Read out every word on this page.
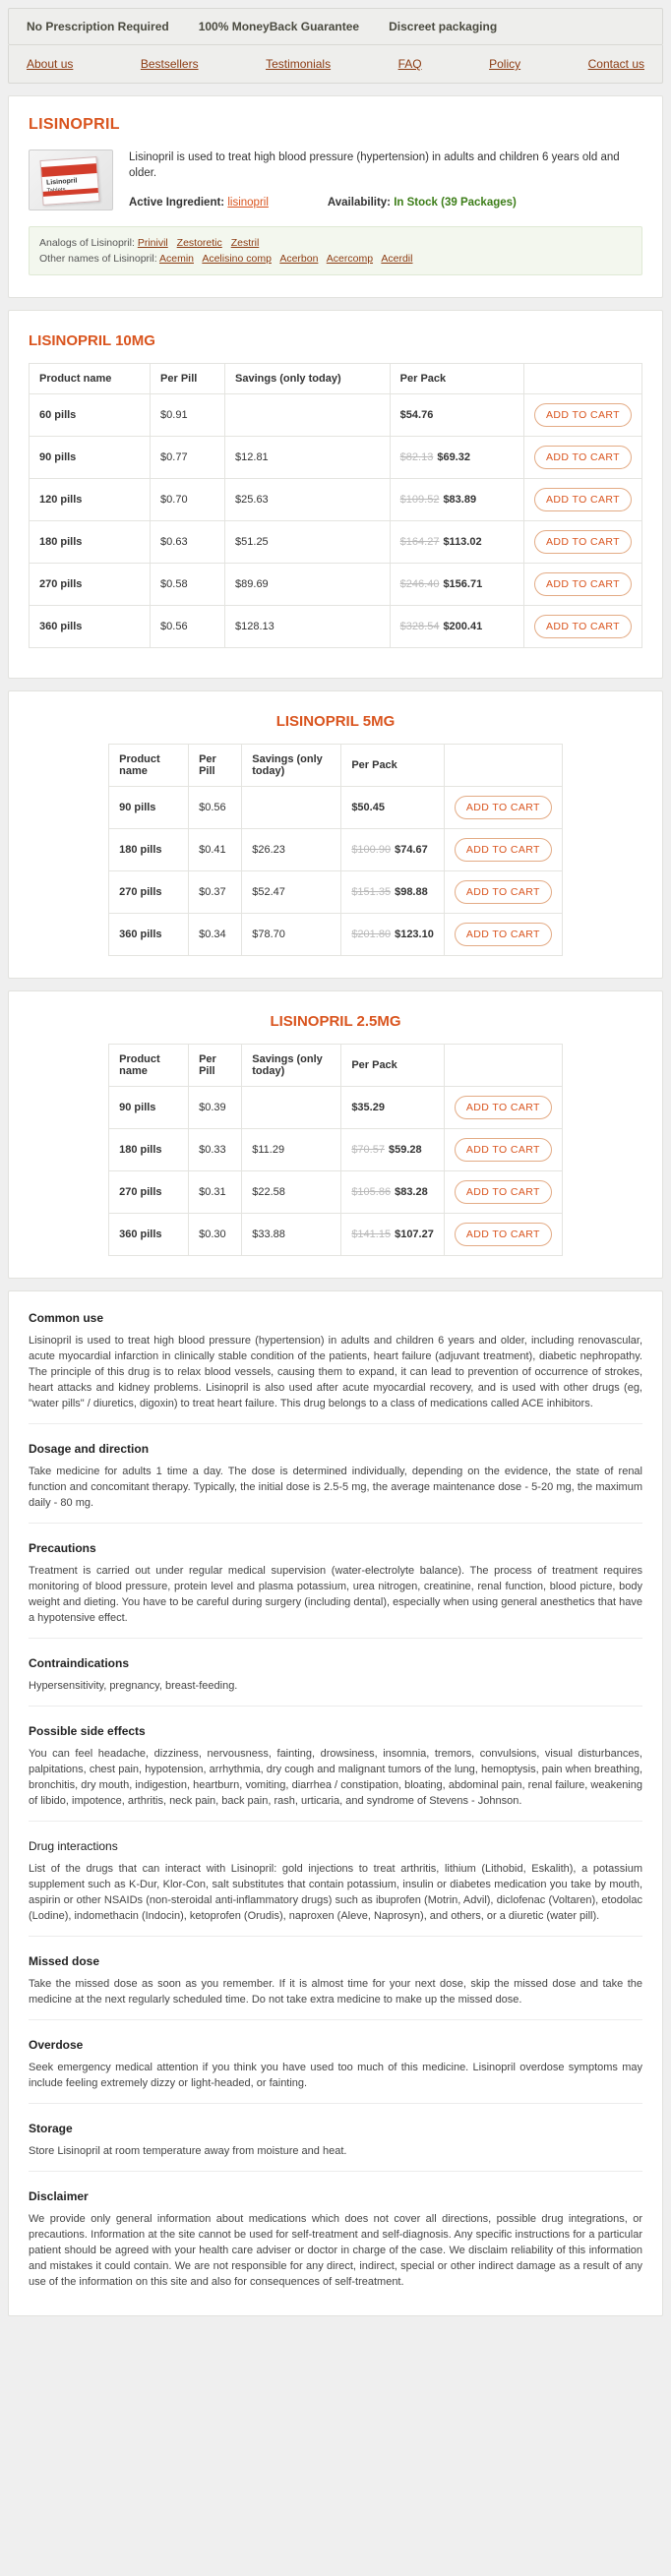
No Prescription Required	100% MoneyBack Guarantee	Discreet packaging
About us	Bestsellers	Testimonials	FAQ	Policy	Contact us
LISINOPRIL
Lisinopril

Lisinopril is used to treat high blood pressure (hypertension) in adults and children 6 years old and older.
Active Ingredient: lisinopril	Availability: In Stock (39 Packages)
Analogs of Lisinopril: Prinivil Zestoretic Zestril
Other names of Lisinopril: Acemin Acelisino comp Acerbon Acercomp Acerdil
LISINOPRIL 10MG
Product name	Per Pill	Savings (only today)	Per Pack	
60 pills	$0.91		$54.76	ADD TO CART

90 pills	$0.77	$12.81	$82.13 $69.32	ADD TO CART

120 pills	$0.70	$25.63	$109.52 $83.89	ADD TO CART

180 pills	$0.63	$51.25	$164.27 $113.02	ADD TO CART

270 pills	$0.58	$89.69	$246.40 $156.71	ADD TO CART

360 pills	$0.56	$128.13	$328.54 $200.41	ADD TO CART
LISINOPRIL 5MG
Product name	Per Pill	Savings (only today)	Per Pack	
90 pills	$0.56		$50.45	ADD TO CART

180 pills	$0.41	$26.23	$100.90 $74.67	ADD TO CART

270 pills	$0.37	$52.47	$151.35 $98.88	ADD TO CART

360 pills	$0.34	$78.70	$201.80 $123.10	ADD TO CART
LISINOPRIL 2.5MG
Product name	Per Pill	Savings (only today)	Per Pack	
90 pills	$0.39		$35.29	ADD TO CART

180 pills	$0.33	$11.29	$70.57 $59.28	ADD TO CART

270 pills	$0.31	$22.58	$105.86 $83.28	ADD TO CART

360 pills	$0.30	$33.88	$141.15 $107.27	ADD TO CART
Common use

Lisinopril is used to treat high blood pressure (hypertension) in adults and children 6 years and older, including renovascular, acute myocardial infarction in clinically stable condition of the patients, heart failure (adjuvant treatment), diabetic nephropathy. The principle of this drug is to relax blood vessels, causing them to expand, it can lead to prevention of occurrence of strokes, heart attacks and kidney problems. Lisinopril is also used after acute myocardial recovery, and is used with other drugs (eg, "water pills" / diuretics, digoxin) to treat heart failure. This drug belongs to a class of medications called ACE inhibitors.

Dosage and direction

Take medicine for adults 1 time a day. The dose is determined individually, depending on the evidence, the state of renal function and concomitant therapy. Typically, the initial dose is 2.5-5 mg, the average maintenance dose - 5-20 mg, the maximum daily - 80 mg.

Precautions

Treatment is carried out under regular medical supervision (water-electrolyte balance). The process of treatment requires monitoring of blood pressure, protein level and plasma potassium, urea nitrogen, creatinine, renal function, blood picture, body weight and dieting. You have to be careful during surgery (including dental), especially when using general anesthetics that have a hypotensive effect.

Contraindications

Hypersensitivity, pregnancy, breast-feeding.

Possible side effects

You can feel headache, dizziness, nervousness, fainting, drowsiness, insomnia, tremors, convulsions, visual disturbances, palpitations, chest pain, hypotension, arrhythmia, dry cough and malignant tumors of the lung, hemoptysis, pain when breathing, bronchitis, dry mouth, indigestion, heartburn, vomiting, diarrhea / constipation, bloating, abdominal pain, renal failure, weakening of libido, impotence, arthritis, neck pain, back pain, rash, urticaria, and syndrome of Stevens - Johnson.

Drug interactions

List of the drugs that can interact with Lisinopril: gold injections to treat arthritis, lithium (Lithobid, Eskalith), a potassium supplement such as K-Dur, Klor-Con, salt substitutes that contain potassium, insulin or diabetes medication you take by mouth, aspirin or other NSAIDs (non-steroidal anti-inflammatory drugs) such as ibuprofen (Motrin, Advil), diclofenac (Voltaren), etodolac (Lodine), indomethacin (Indocin), ketoprofen (Orudis), naproxen (Aleve, Naprosyn), and others, or a diuretic (water pill).

Missed dose

Take the missed dose as soon as you remember. If it is almost time for your next dose, skip the missed dose and take the medicine at the next regularly scheduled time. Do not take extra medicine to make up the missed dose.

Overdose

Seek emergency medical attention if you think you have used too much of this medicine. Lisinopril overdose symptoms may include feeling extremely dizzy or light-headed, or fainting.

Storage

Store Lisinopril at room temperature away from moisture and heat.

Disclaimer

We provide only general information about medications which does not cover all directions, possible drug integrations, or precautions. Information at the site cannot be used for self-treatment and self-diagnosis. Any specific instructions for a particular patient should be agreed with your health care adviser or doctor in charge of the case. We disclaim reliability of this information and mistakes it could contain. We are not responsible for any direct, indirect, special or other indirect damage as a result of any use of the information on this site and also for consequences of self-treatment.
